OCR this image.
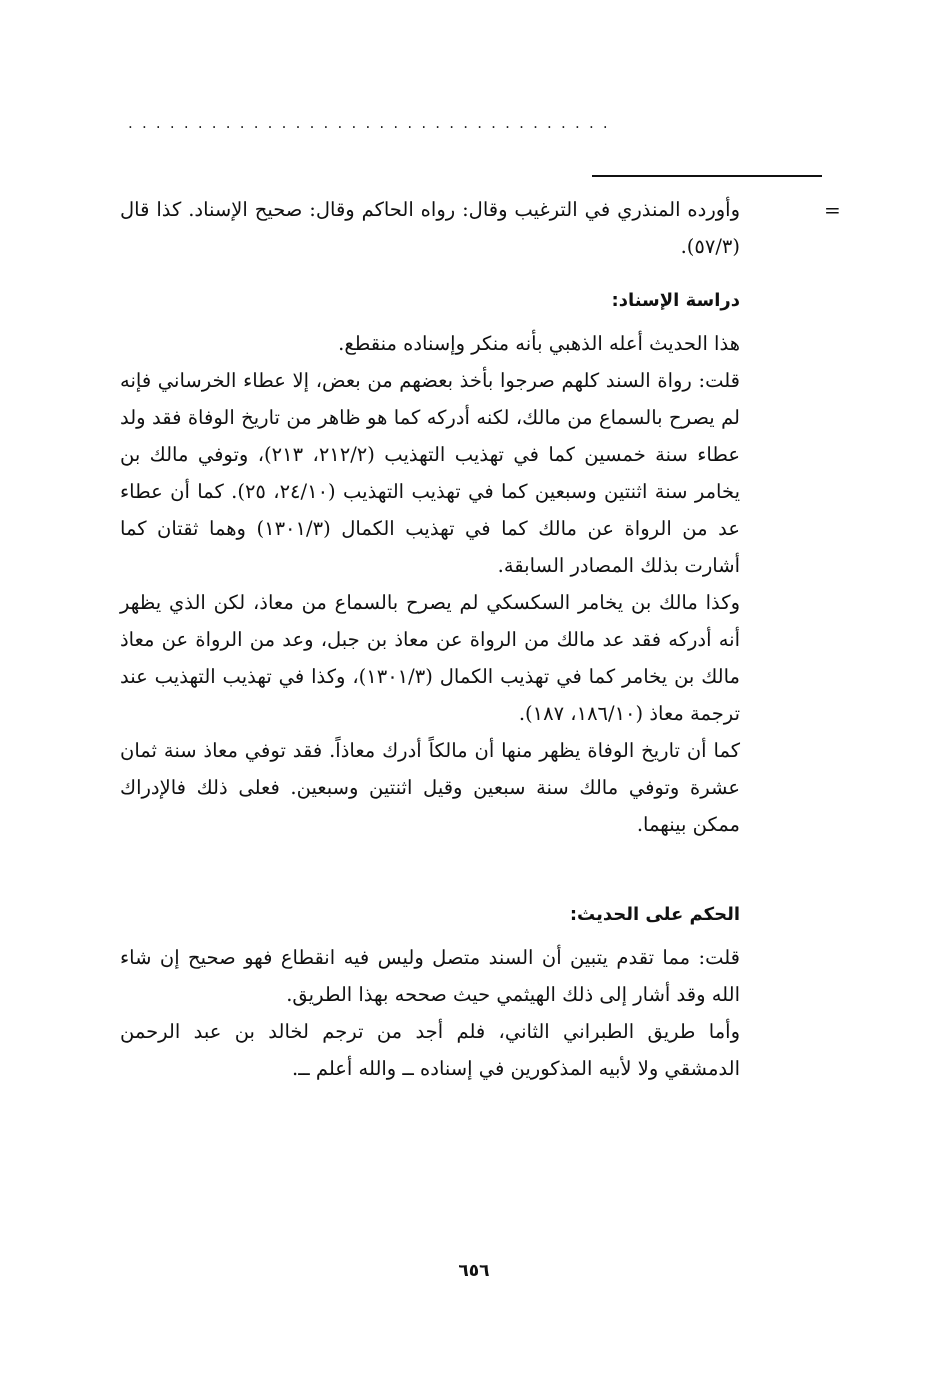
...................................
=

وأورده المنذري في الترغيب وقال: رواه الحاكم وقال: صحيح الإسناد. كذا قال (٥٧/٣).

دراسة الإسناد:

هذا الحديث أعله الذهبي بأنه منكر وإسناده منقطع.

قلت: رواة السند كلهم صرجوا بأخذ بعضهم من بعض، إلا عطاء الخرساني فإنه لم يصرح بالسماع من مالك، لكنه أدركه كما هو ظاهر من تاريخ الوفاة فقد ولد عطاء سنة خمسين كما في تهذيب التهذيب (٢١٢/٢، ٢١٣)، وتوفي مالك بن يخامر سنة اثنتين وسبعين كما في تهذيب التهذيب (٢٤/١٠، ٢٥). كما أن عطاء عد من الرواة عن مالك كما في تهذيب الكمال (١٣٠١/٣) وهما ثقتان كما أشارت بذلك المصادر السابقة.

وكذا مالك بن يخامر السكسكي لم يصرح بالسماع من معاذ، لكن الذي يظهر أنه أدركه فقد عد مالك من الرواة عن معاذ بن جبل، وعد من الرواة عن معاذ مالك بن يخامر كما في تهذيب الكمال (١٣٠١/٣)، وكذا في تهذيب التهذيب عند ترجمة معاذ (١٨٦/١٠، ١٨٧).

كما أن تاريخ الوفاة يظهر منها أن مالكاً أدرك معاذاً. فقد توفي معاذ سنة ثمان عشرة وتوفي مالك سنة سبعين وقيل اثنتين وسبعين. فعلى ذلك فالإدراك ممكن بينهما.

الحكم على الحديث:

قلت: مما تقدم يتبين أن السند متصل وليس فيه انقطاع فهو صحيح إن شاء الله وقد أشار إلى ذلك الهيثمي حيث صححه بهذا الطريق.

وأما طريق الطبراني الثاني، فلم أجد من ترجم لخالد بن عبد الرحمن الدمشقي ولا لأبيه المذكورين في إسناده ــ والله أعلم ــ.

٦٥٦
